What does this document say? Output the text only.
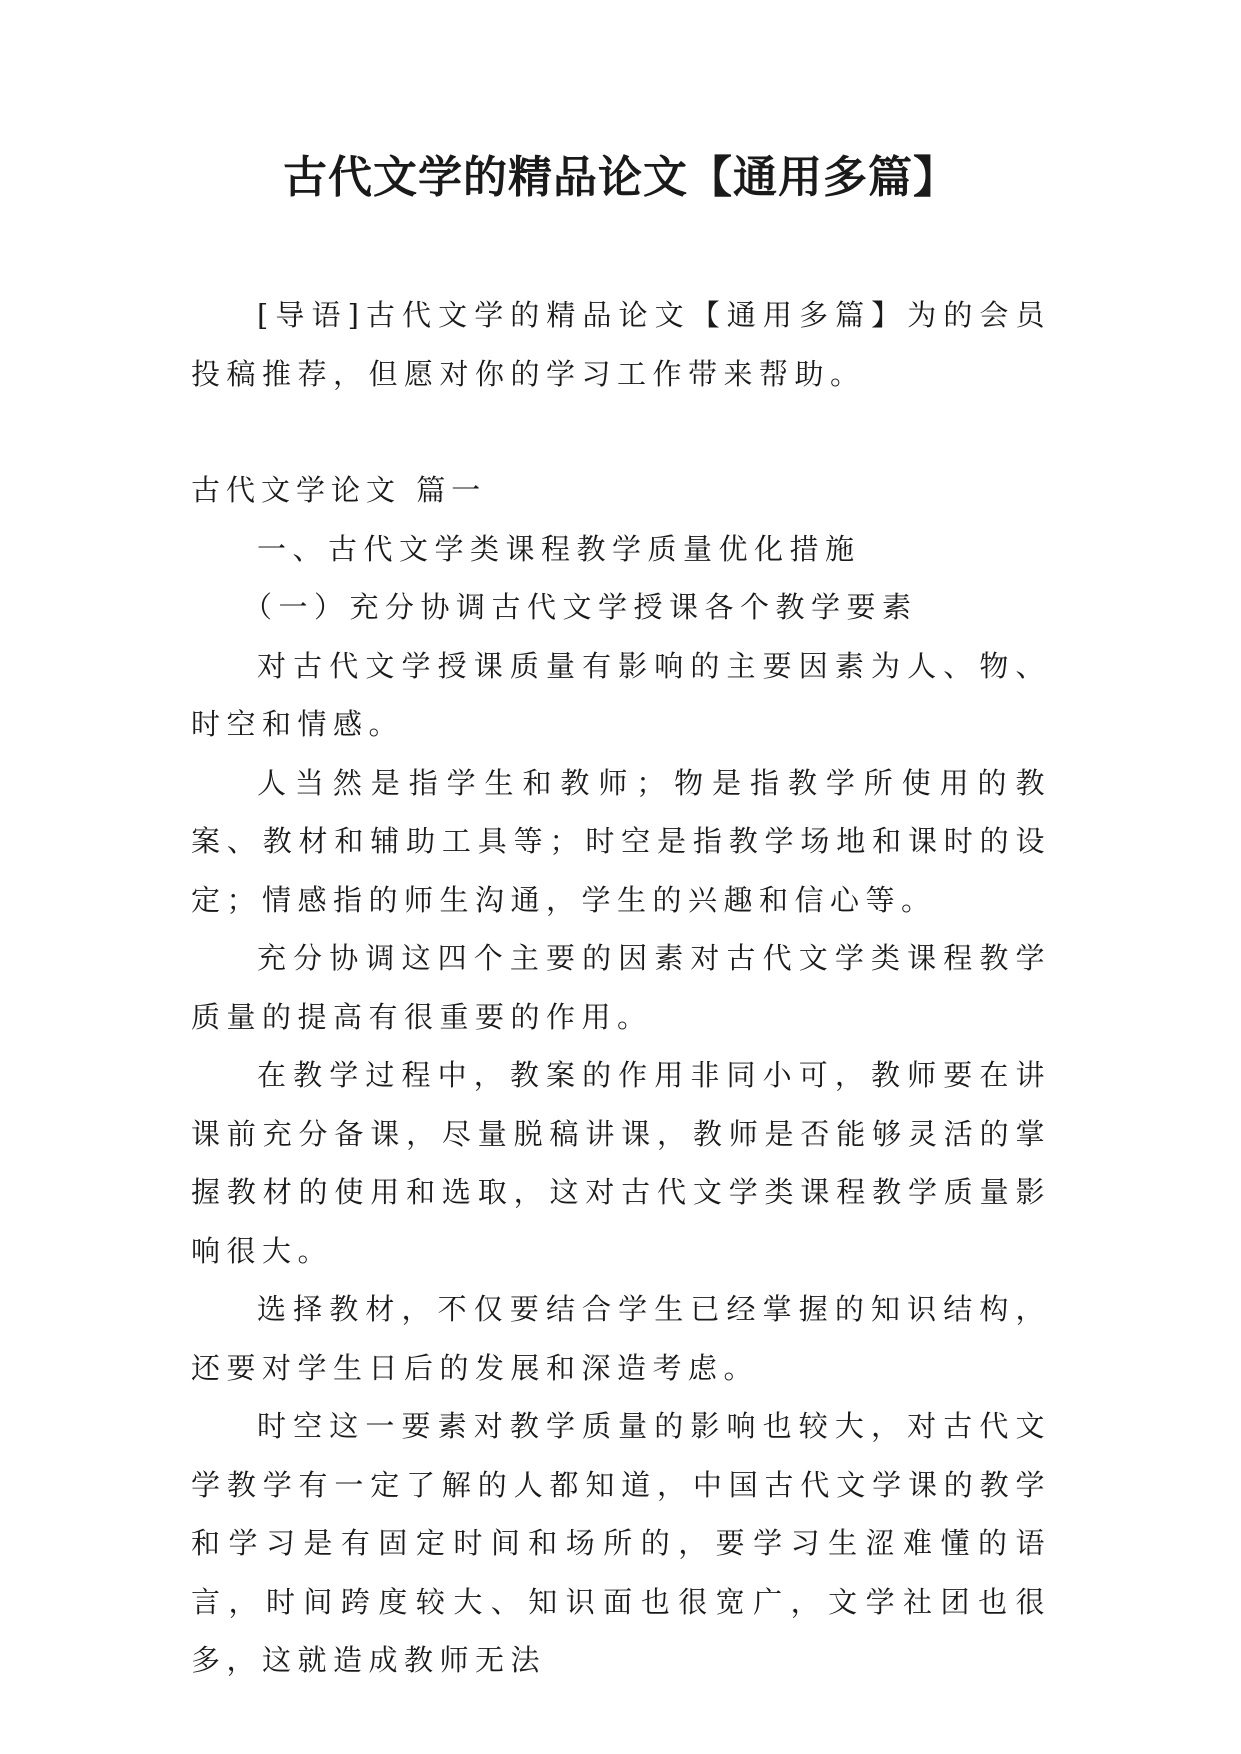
古代文学的精品论文【通用多篇】

[导语]古代文学的精品论文【通用多篇】为的会员投稿推荐，但愿对你的学习工作带来帮助。

古代文学论文 篇一

一、古代文学类课程教学质量优化措施

（一）充分协调古代文学授课各个教学要素

对古代文学授课质量有影响的主要因素为人、物、时空和情感。

人当然是指学生和教师；物是指教学所使用的教案、教材和辅助工具等；时空是指教学场地和课时的设定；情感指的师生沟通，学生的兴趣和信心等。

充分协调这四个主要的因素对古代文学类课程教学质量的提高有很重要的作用。

在教学过程中，教案的作用非同小可，教师要在讲课前充分备课，尽量脱稿讲课，教师是否能够灵活的掌握教材的使用和选取，这对古代文学类课程教学质量影响很大。

选择教材，不仅要结合学生已经掌握的知识结构，还要对学生日后的发展和深造考虑。

时空这一要素对教学质量的影响也较大，对古代文学教学有一定了解的人都知道，中国古代文学课的教学和学习是有固定时间和场所的，要学习生涩难懂的语言，时间跨度较大、知识面也很宽广，文学社团也很多，这就造成教师无法
